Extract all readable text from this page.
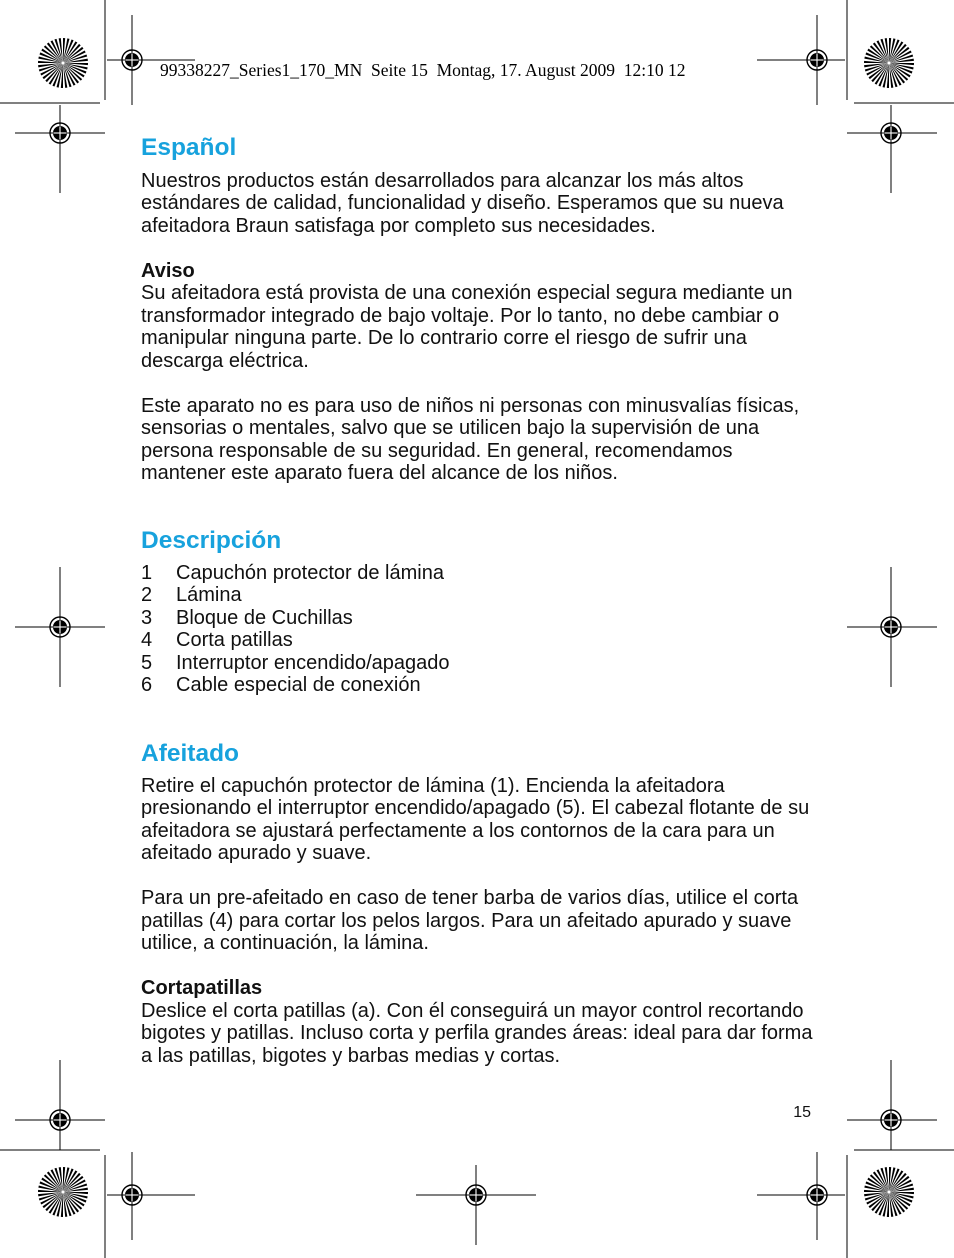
99338227_Series1_170_MN  Seite 15  Montag, 17. August 2009  12:10 12
Español

Nuestros productos están desarrollados para alcanzar los más altos
estándares de calidad, funcionalidad y diseño. Esperamos que su nueva
afeitadora Braun satisfaga por completo sus necesidades.

Aviso
Su afeitadora está provista de una conexión especial segura mediante un
transformador integrado de bajo voltaje. Por lo tanto, no debe cambiar o
manipular ninguna parte. De lo contrario corre el riesgo de sufrir una
descarga eléctrica.

Este aparato no es para uso de niños ni personas con minusvalías físicas,
sensorias o mentales, salvo que se utilicen bajo la supervisión de una
persona responsable de su seguridad. En general, recomendamos
mantener este aparato fuera del alcance de los niños.

Descripción
1 Capuchón protector de lámina
2 Lámina
3 Bloque de Cuchillas
4 Corta patillas
5 Interruptor encendido/apagado
6 Cable especial de conexión
Afeitado

Retire el capuchón protector de lámina (1). Encienda la afeitadora
presionando el interruptor encendido/apagado (5). El cabezal flotante de su
afeitadora se ajustará perfectamente a los contornos de la cara para un
afeitado apurado y suave.

Para un pre-afeitado en caso de tener barba de varios días, utilice el corta
patillas (4) para cortar los pelos largos. Para un afeitado apurado y suave
utilice, a continuación, la lámina.

Cortapatillas
Deslice el corta patillas (a). Con él conseguirá un mayor control recortando
bigotes y patillas. Incluso corta y perfila grandes áreas: ideal para dar forma
a las patillas, bigotes y barbas medias y cortas.

15
